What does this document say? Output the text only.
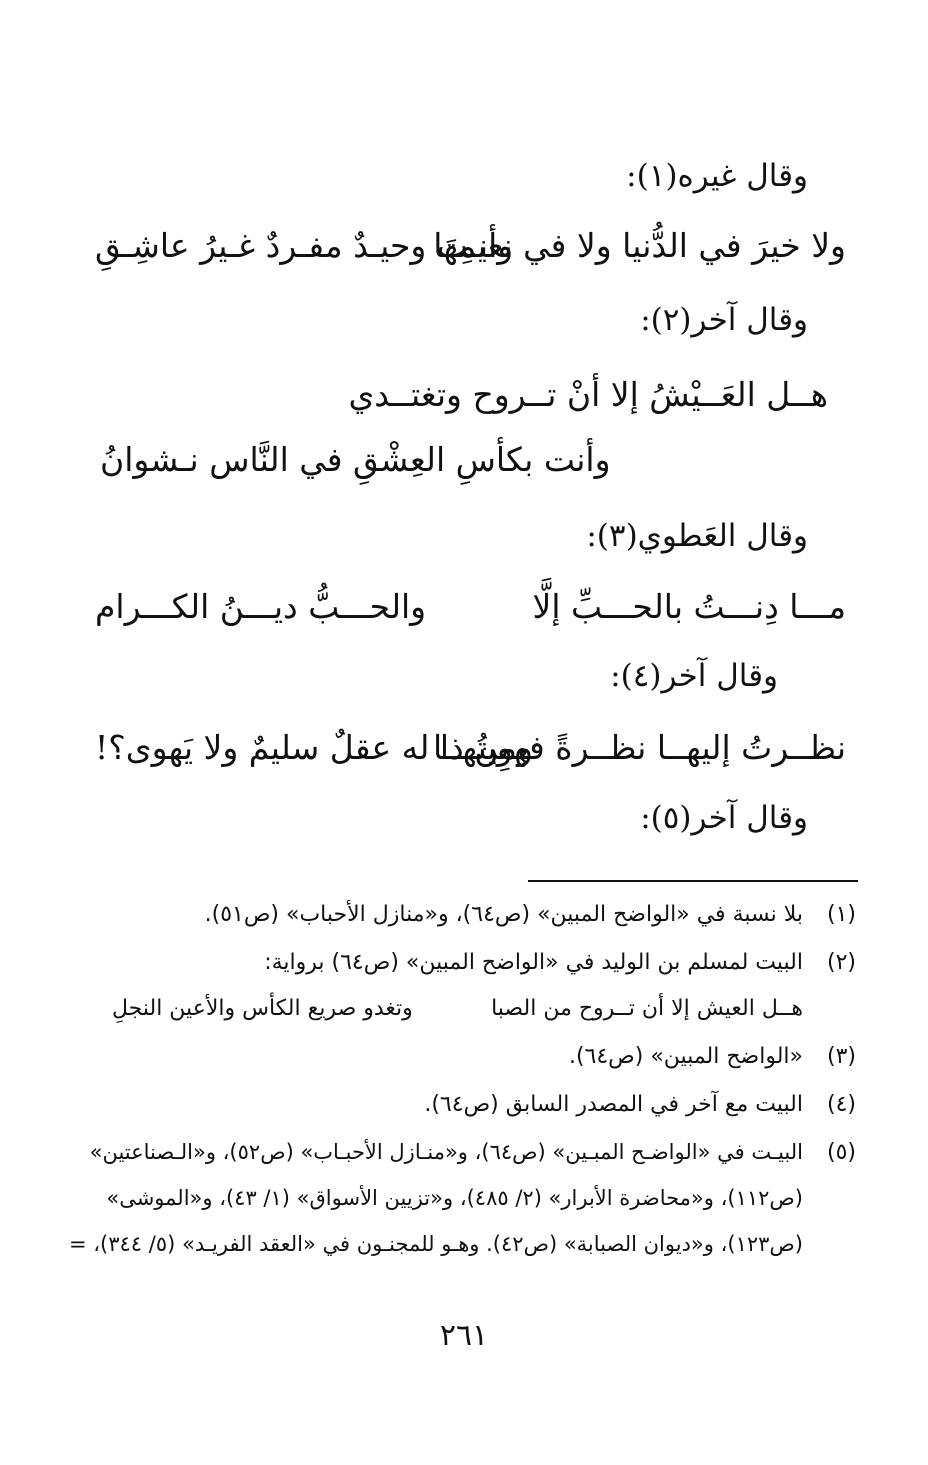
وقال غيره(١):
ولا خيرَ في الدُّنيا ولا في نعيمِها
وأنـتَ وحيـدٌ مفـردٌ غـيرُ عاشِـقِ
وقال آخر(٢):
هــل العَــيْشُ إلا أنْ تــروح وتغتــدي
وأنت بكأسِ العِشْقِ في النَّاس نـشوانُ
وقال العَطوي(٣):
مـــا دِنـــتُ بالحـــبِّ إلَّا
والحـــبُّ ديـــنُ الكـــرام
وقال آخر(٤):
نظــرتُ إليهــا نظــرةً فهوِيتُهــا
ومن ذا له عقلٌ سليمٌ ولا يَهوى؟!
وقال آخر(٥):
(١)
بلا نسبة في «الواضح المبين» (ص٦٤)، و«منازل الأحباب» (ص٥١).
(٢)
البيت لمسلم بن الوليد في «الواضح المبين» (ص٦٤) برواية:
هــل العيش إلا أن تــروح من الصبا
وتغدو صريع الكأس والأعين النجلِ
(٣)
«الواضح المبين» (ص٦٤).
(٤)
البيت مع آخر في المصدر السابق (ص٦٤).
(٥)
البيـت في «الواضـح المبـين» (ص٦٤)، و«منـازل الأحبـاب» (ص٥٢)، و«الـصناعتين»
(ص١١٢)، و«محاضرة الأبرار» (٢/ ٤٨٥)، و«تزيين الأسواق» (١/ ٤٣)، و«الموشى»
(ص١٢٣)، و«ديوان الصبابة» (ص٤٢). وهـو للمجنـون في «العقد الفريـد» (٥/ ٣٤٤)، =
٢٦١
